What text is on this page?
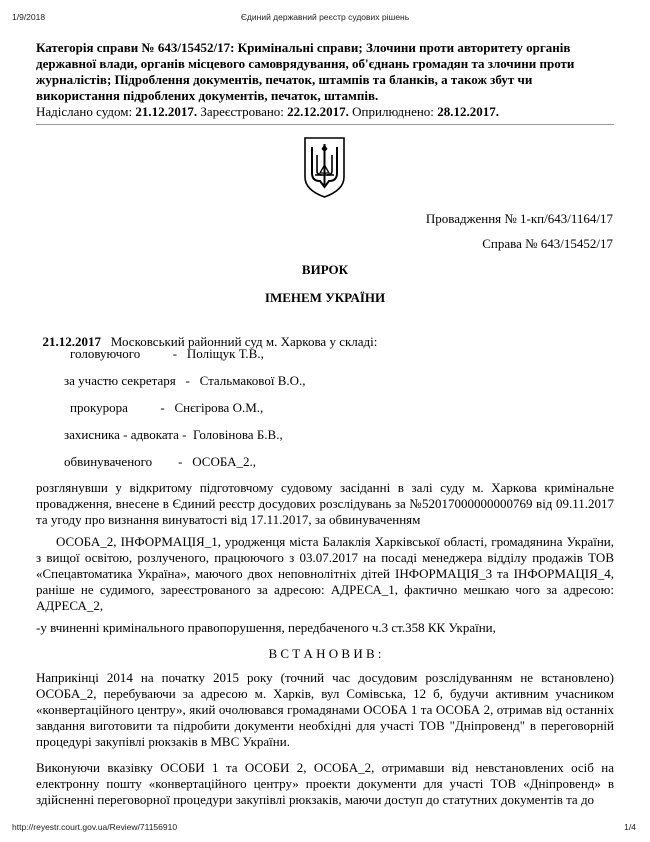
1/9/2018	Єдиний державний реєстр судових рішень
Категорія справи № 643/15452/17: Кримінальні справи; Злочини проти авторитету органів державної влади, органів місцевого самоврядування, об'єднань громадян та злочини проти журналістів; Підроблення документів, печаток, штампів та бланків, а також збут чи використання підроблених документів, печаток, штампів.
Надіслано судом: 21.12.2017. Зареєстровано: 22.12.2017. Оприлюднено: 28.12.2017.
Провадження № 1-кп/643/1164/17
Справа № 643/15452/17
ВИРОК
ІМЕНЕМ УКРАЇНИ

21.12.2017   Московський районний суд м. Харкова у складі:

головуючого          -   Поліщук Т.В.,
за участю секретаря   -   Стальмакової В.О.,
прокурора          -   Снєгірова О.М.,
захисника - адвоката -  Головінова Б.В.,
обвинуваченого        -   ОСОБА_2.,
розглянувши у відкритому підготовчому судовому засіданні в залі суду м. Харкова кримінальне провадження, внесене в Єдиний реєстр досудових розслідувань за №52017000000000769 від 09.11.2017 та угоду про визнання винуватості від 17.11.2017, за обвинуваченням
ОСОБА_2, ІНФОРМАЦІЯ_1, уродженця міста Балаклія Харківської області, громадянина України, з вищої освітою, розлученого, працюючого з 03.07.2017 на посаді менеджера відділу продажів ТОВ «Спецавтоматика Україна», маючого двох неповнолітніх дітей ІНФОРМАЦІЯ_3 та ІНФОРМАЦІЯ_4, раніше не судимого, зареєстрованого за адресою: АДРЕСА_1, фактично мешкаю чого за адресою: АДРЕСА_2,
-у вчиненні кримінального правопорушення, передбаченого ч.3 ст.358 КК України,
В С Т А Н О В И В :
Наприкінці 2014 на початку 2015 року (точний час досудовим розслідуванням не встановлено) ОСОБА_2, перебуваючи за адресою м. Харків, вул Сомівська, 12 б, будучи активним учасником «конвертаційного центру», який очолювався громадянами ОСОБА 1 та ОСОБА 2, отримав від останніх завдання виготовити та підробити документи необхідні для участі ТОВ "Дніпровенд" в переговорній процедурі закупівлі рюкзаків в МВС України.
Виконуючи вказівку ОСОБИ 1 та ОСОБИ 2, ОСОБА_2, отримавши від невстановлених осіб на електронну пошту «конвертаційного центру» проекти документи для участі ТОВ «Дніпровенд» в здійсненні переговорної процедури закупівлі рюкзаків, маючи доступ до статутних документів та до
http://reyestr.court.gov.ua/Review/71156910	1/4
